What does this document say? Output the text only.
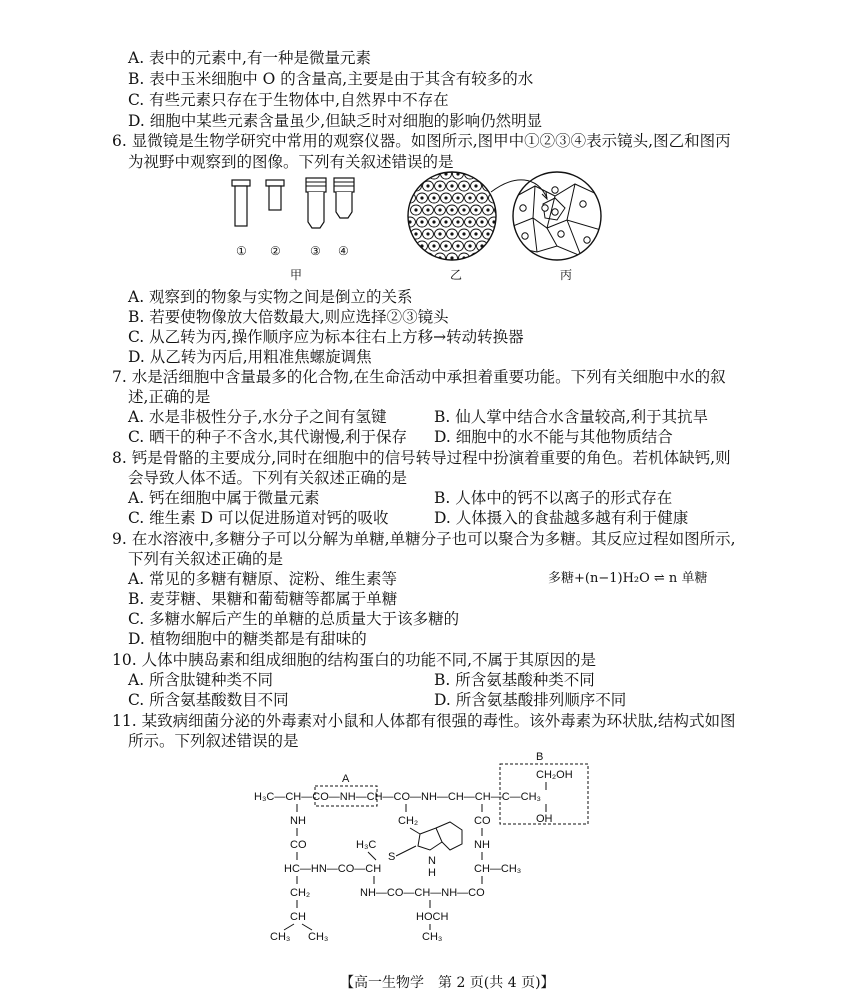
A. 表中的元素中,有一种是微量元素
B. 表中玉米细胞中 O 的含量高,主要是由于其含有较多的水
C. 有些元素只存在于生物体中,自然界中不存在
D. 细胞中某些元素含量虽少,但缺乏时对细胞的影响仍然明显
6. 显微镜是生物学研究中常用的观察仪器。如图所示,图甲中①②③④表示镜头,图乙和图丙
为视野中观察到的图像。下列有关叙述错误的是
① ② ③ ④
甲	乙	丙
A. 观察到的物象与实物之间是倒立的关系
B. 若要使物像放大倍数最大,则应选择②③镜头
C. 从乙转为丙,操作顺序应为标本往右上方移→转动转换器
D. 从乙转为丙后,用粗准焦螺旋调焦
7. 水是活细胞中含量最多的化合物,在生命活动中承担着重要功能。下列有关细胞中水的叙
述,正确的是
A. 水是非极性分子,水分子之间有氢键	B. 仙人掌中结合水含量较高,利于其抗旱
C. 晒干的种子不含水,其代谢慢,利于保存 D. 细胞中的水不能与其他物质结合
8. 钙是骨骼的主要成分,同时在细胞中的信号转导过程中扮演着重要的角色。若机体缺钙,则
会导致人体不适。下列有关叙述正确的是
A. 钙在细胞中属于微量元素	B. 人体中的钙不以离子的形式存在
C. 维生素 D 可以促进肠道对钙的吸收	D. 人体摄入的食盐越多越有利于健康
9. 在水溶液中,多糖分子可以分解为单糖,单糖分子也可以聚合为多糖。其反应过程如图所示,
下列有关叙述正确的是
多糖+(n−1)H₂O ⇌ n 单糖
A. 常见的多糖有糖原、淀粉、维生素等
B. 麦芽糖、果糖和葡萄糖等都属于单糖
C. 多糖水解后产生的单糖的总质量大于该多糖的
D. 植物细胞中的糖类都是有甜味的
10. 人体中胰岛素和组成细胞的结构蛋白的功能不同,不属于其原因的是
A. 所含肽键种类不同	B. 所含氨基酸种类不同
C. 所含氨基酸数目不同	D. 所含氨基酸排列顺序不同
11. 某致病细菌分泌的外毒素对小鼠和人体都有很强的毒性。该外毒素为环状肽,结构式如图
所示。下列叙述错误的是
A
B
H₃C—CH—CO—NH—CH—CO—NH—CH—CH—C—CH₃
CH₂OH
OH
NH
CO
HC—HN—CO—CH
CH₂
CH
CH₃ CH₃
CH₂
N
H
S
H₃C
NH—CO—CH—NH—CO
HOCH
CH₃
CO
NH
CH—CH₃
【高一生物学　第 2 页(共 4 页)】
